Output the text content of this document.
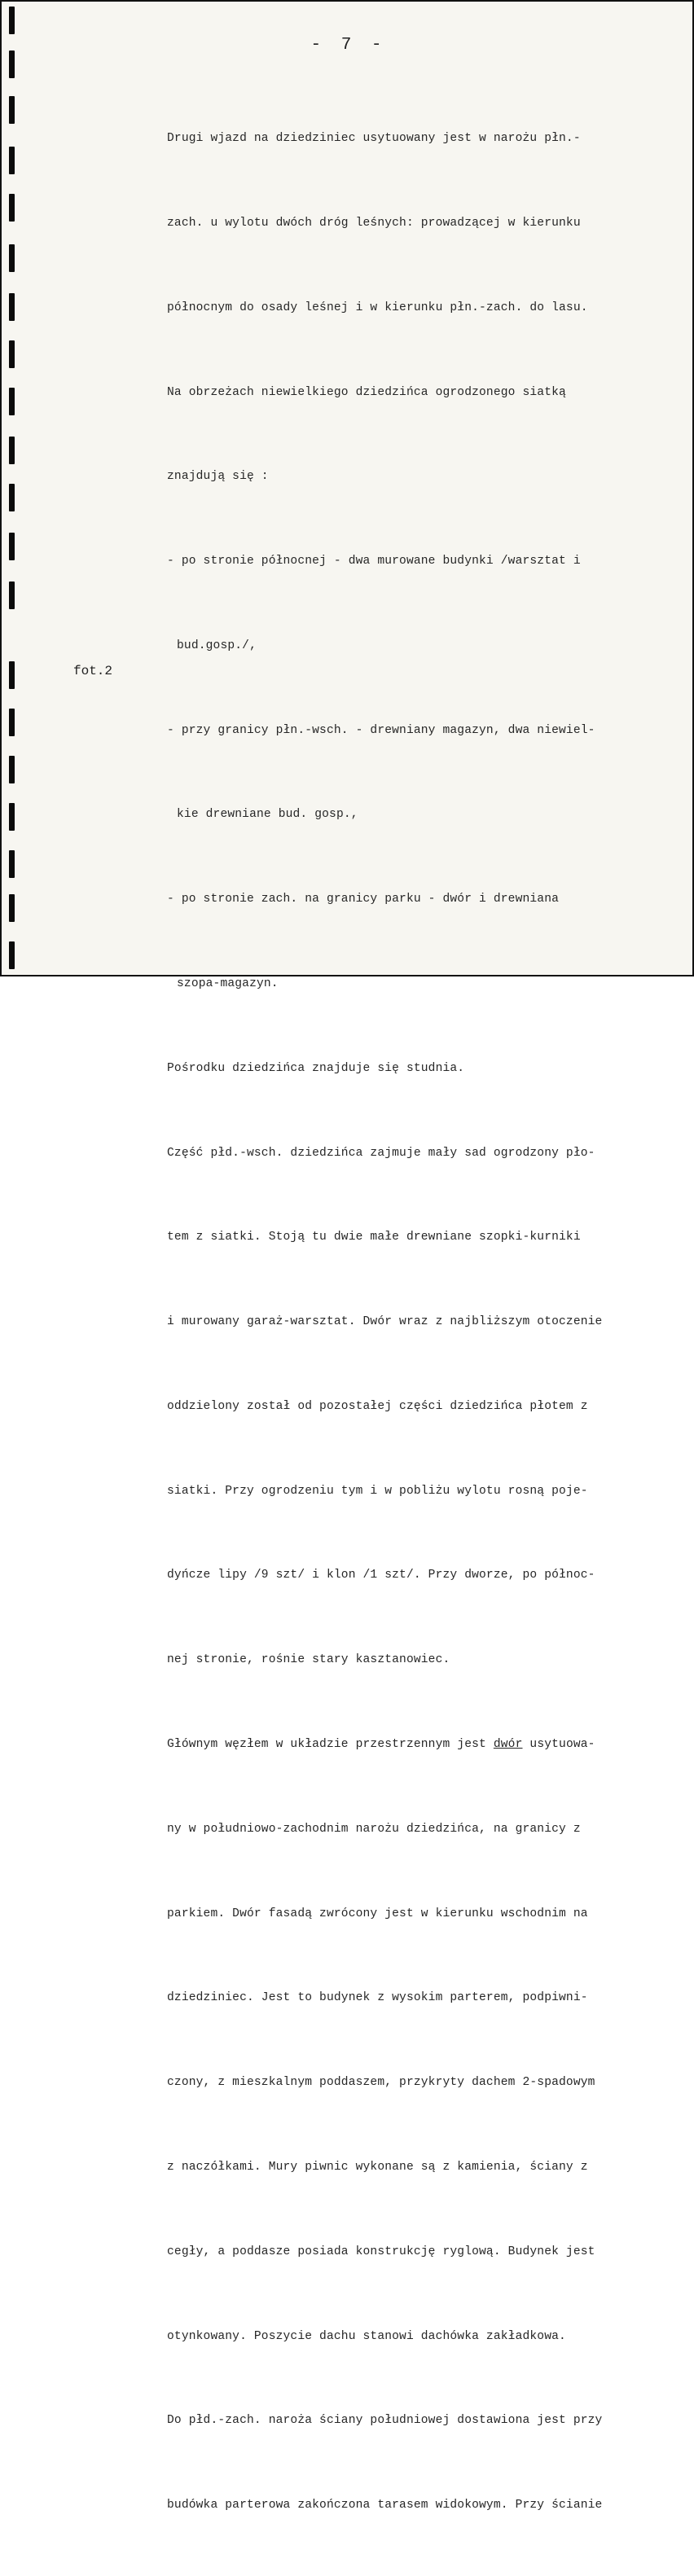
- 7 -
fot.2

Drugi wjazd na dziedziniec usytuowany jest w narożu płn.-

zach. u wylotu dwóch dróg leśnych: prowadzącej w kierunku

północnym do osady leśnej i w kierunku płn.-zach. do lasu.

Na obrzeżach niewielkiego dziedzińca ogrodzonego siatką

znajdują się :

- po stronie północnej - dwa murowane budynki /warsztat i

bud.gosp./,

- przy granicy płn.-wsch. - drewniany magazyn, dwa niewiel-

kie drewniane bud. gosp.,

- po stronie zach. na granicy parku - dwór i drewniana

szopa-magazyn.

Pośrodku dziedzińca znajduje się studnia.

Część płd.-wsch. dziedzińca zajmuje mały sad ogrodzony pło-

tem z siatki. Stoją tu dwie małe drewniane szopki-kurniki

i murowany garaż-warsztat. Dwór wraz z najbliższym otoczenie

oddzielony został od pozostałej części dziedzińca płotem z

siatki. Przy ogrodzeniu tym i w pobliżu wylotu rosną poje-

dyńcze lipy /9 szt/ i klon /1 szt/. Przy dworze, po północ-

nej stronie, rośnie stary kasztanowiec.

Głównym węzłem w układzie przestrzennym jest dwór usytuowa-

ny w południowo-zachodnim narożu dziedzińca, na granicy z

parkiem. Dwór fasadą zwrócony jest w kierunku wschodnim na

dziedziniec. Jest to budynek z wysokim parterem, podpiwni-

czony, z mieszkalnym poddaszem, przykryty dachem 2-spadowym

z naczółkami. Mury piwnic wykonane są z kamienia, ściany z

cegły, a poddasze posiada konstrukcję ryglową. Budynek jest

otynkowany. Poszycie dachu stanowi dachówka zakładkowa.

Do płd.-zach. naroża ściany południowej dostawiona jest przy

budówka parterowa zakończona tarasem widokowym. Przy ścianie
